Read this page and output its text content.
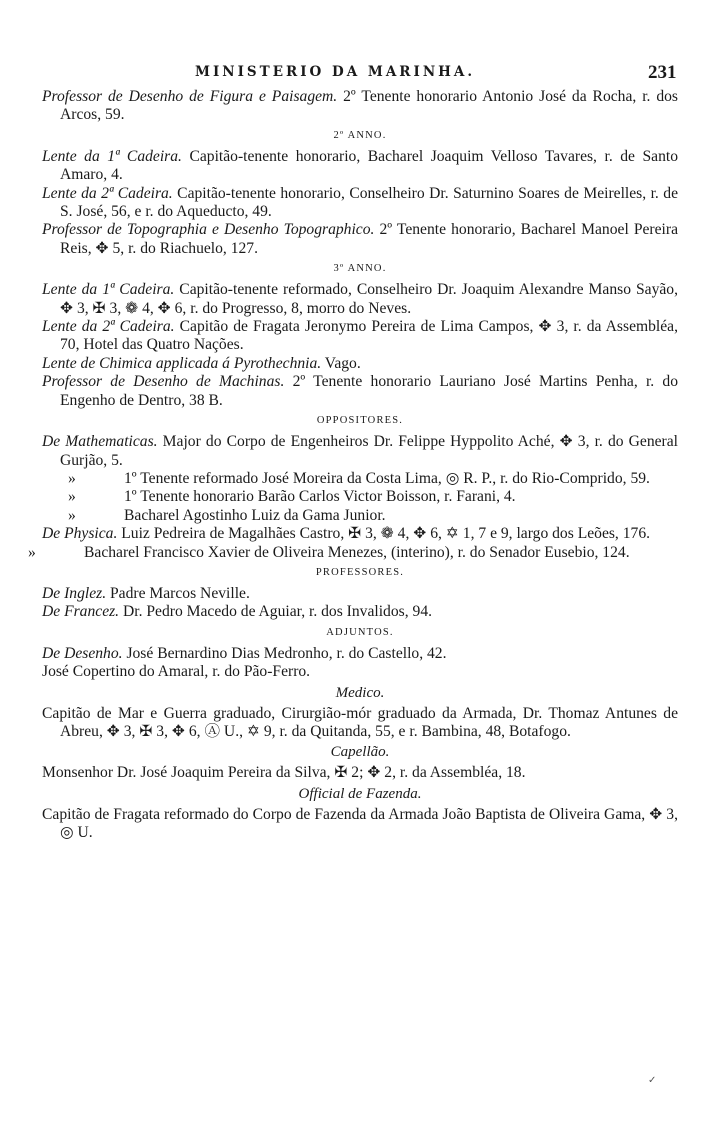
MINISTERIO DA MARINHA.	231

Professor de Desenho de Figura e Paisagem. 2º Tenente honorario Antonio José da Rocha, r. dos Arcos, 59.

2º ANNO.

Lente da 1ª Cadeira. Capitão-tenente honorario, Bacharel Joaquim Velloso Tavares, r. de Santo Amaro, 4.

Lente da 2ª Cadeira. Capitão-tenente honorario, Conselheiro Dr. Saturnino Soares de Meirelles, r. de S. José, 56, e r. do Aqueducto, 49.

Professor de Topographia e Desenho Topographico. 2º Tenente honorario, Bacharel Manoel Pereira Reis, ✥ 5, r. do Riachuelo, 127.

3º ANNO.

Lente da 1ª Cadeira. Capitão-tenente reformado, Conselheiro Dr. Joaquim Alexandre Manso Sayão, ✥ 3, ✠ 3, ❁ 4, ✥ 6, r. do Progresso, 8, morro do Neves.

Lente da 2ª Cadeira. Capitão de Fragata Jeronymo Pereira de Lima Campos, ✥ 3, r. da Assembléa, 70, Hotel das Quatro Nações.

Lente de Chimica applicada á Pyrothechnia. Vago.

Professor de Desenho de Machinas. 2º Tenente honorario Lauriano José Martins Penha, r. do Engenho de Dentro, 38 B.

OPPOSITORES.

De Mathematicas. Major do Corpo de Engenheiros Dr. Felippe Hyppolito Aché, ✥ 3, r. do General Gurjão, 5.

»	1º Tenente reformado José Moreira da Costa Lima, ◎ R. P., r. do Rio-Comprido, 59.

»	1º Tenente honorario Barão Carlos Victor Boisson, r. Farani, 4.

»	Bacharel Agostinho Luiz da Gama Junior.

De Physica. Luiz Pedreira de Magalhães Castro, ✠ 3, ❁ 4, ✥ 6, ✡ 1, 7 e 9, largo dos Leões, 176.

»	Bacharel Francisco Xavier de Oliveira Menezes, (interino), r. do Senador Eusebio, 124.

PROFESSORES.

De Inglez. Padre Marcos Neville.

De Francez. Dr. Pedro Macedo de Aguiar, r. dos Invalidos, 94.

ADJUNTOS.

De Desenho. José Bernardino Dias Medronho, r. do Castello, 42.

José Copertino do Amaral, r. do Pão-Ferro.

Medico.

Capitão de Mar e Guerra graduado, Cirurgião-mór graduado da Armada, Dr. Thomaz Antunes de Abreu, ✥ 3, ✠ 3, ✥ 6, Ⓐ U., ✡ 9, r. da Quitanda, 55, e r. Bambina, 48, Botafogo.

Capellão.

Monsenhor Dr. José Joaquim Pereira da Silva, ✠ 2; ✥ 2, r. da Assembléa, 18.

Official de Fazenda.

Capitão de Fragata reformado do Corpo de Fazenda da Armada João Baptista de Oliveira Gama, ✥ 3, ◎ U.

✓
